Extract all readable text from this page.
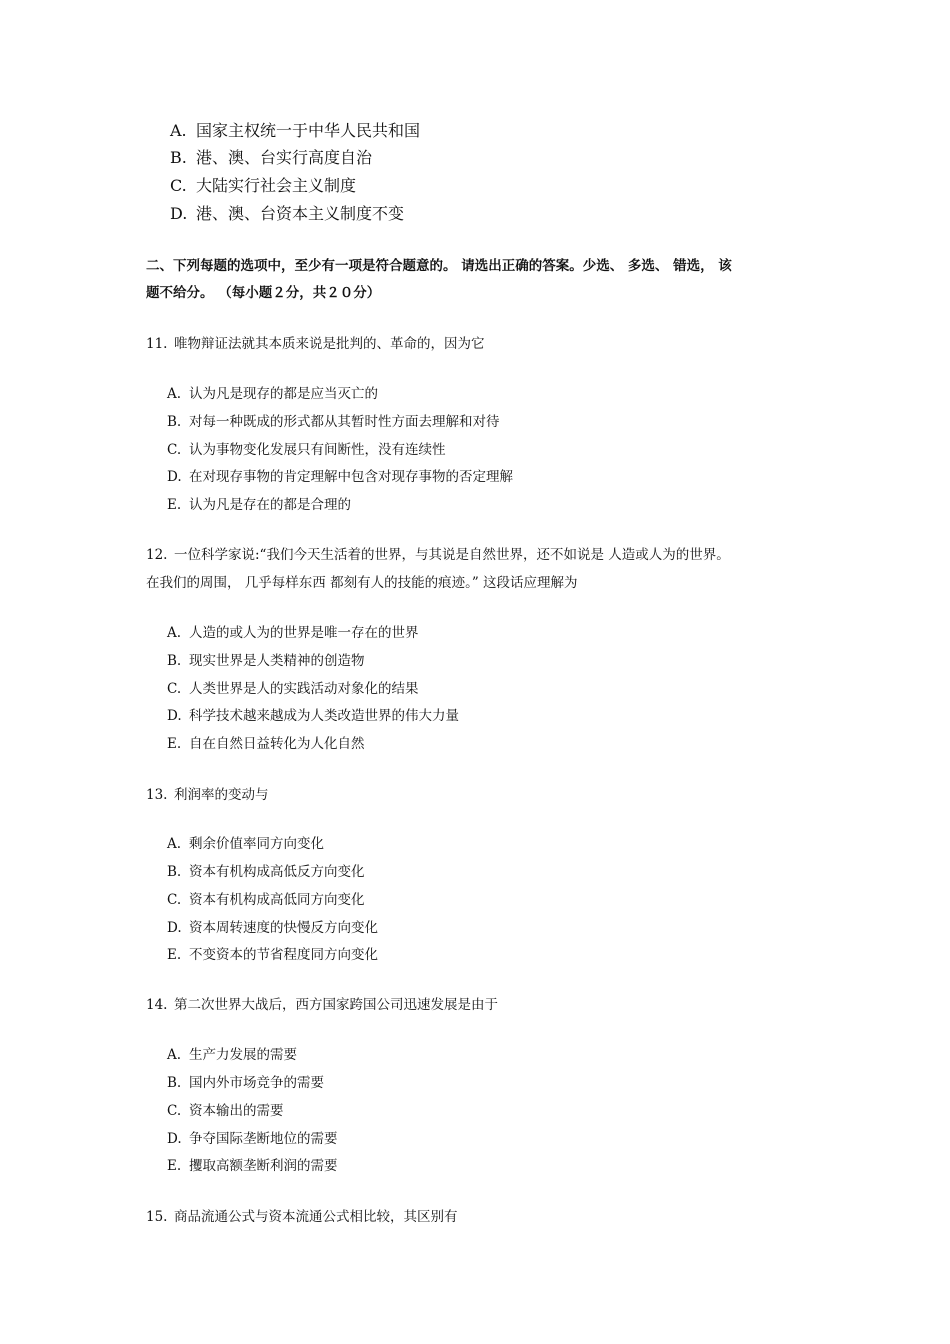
A. 国家主权统一于中华人民共和国
B. 港、澳、台实行高度自治
C. 大陆实行社会主义制度
D. 港、澳、台资本主义制度不变
二、下列每题的选项中，至少有一项是符合题意的。 请选出正确的答案。少选、 多选、 错选， 该
题不给分。 （每小题２分，共２０分）
11. 唯物辩证法就其本质来说是批判的、革命的，因为它
A. 认为凡是现存的都是应当灭亡的
B. 对每一种既成的形式都从其暂时性方面去理解和对待
C. 认为事物变化发展只有间断性，没有连续性
D. 在对现存事物的肯定理解中包含对现存事物的否定理解
E. 认为凡是存在的都是合理的
12. 一位科学家说:“我们今天生活着的世界，与其说是自然世界，还不如说是 人造或人为的世界。
在我们的周围， 几乎每样东西 都刻有人的技能的痕迹。” 这段话应理解为
A. 人造的或人为的世界是唯一存在的世界
B. 现实世界是人类精神的创造物
C. 人类世界是人的实践活动对象化的结果
D. 科学技术越来越成为人类改造世界的伟大力量
E. 自在自然日益转化为人化自然
13. 利润率的变动与
A. 剩余价值率同方向变化
B. 资本有机构成高低反方向变化
C. 资本有机构成高低同方向变化
D. 资本周转速度的快慢反方向变化
E. 不变资本的节省程度同方向变化
14. 第二次世界大战后，西方国家跨国公司迅速发展是由于
A. 生产力发展的需要
B. 国内外市场竞争的需要
C. 资本输出的需要
D. 争夺国际垄断地位的需要
E. 攫取高额垄断利润的需要
15. 商品流通公式与资本流通公式相比较，其区别有
